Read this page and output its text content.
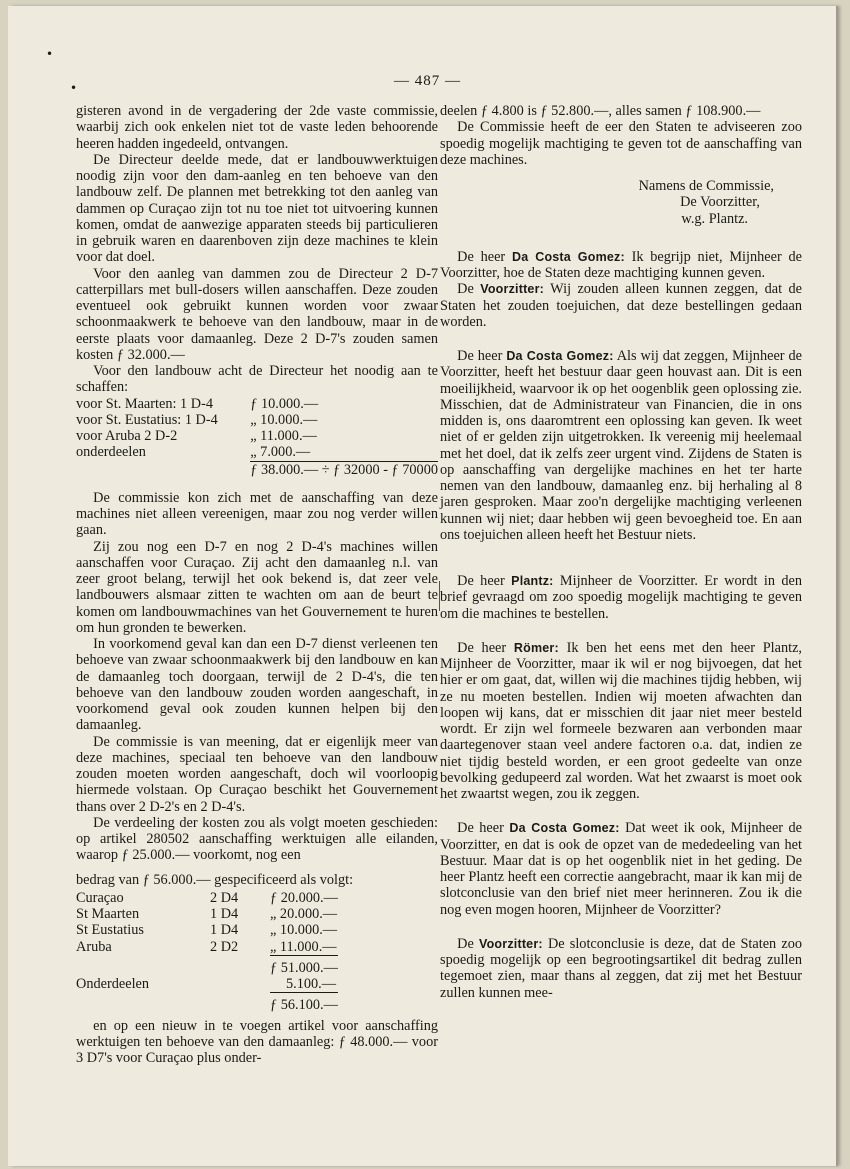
— 487 —
•
•

gisteren avond in de vergadering der 2de vaste commissie, waarbij zich ook enkelen niet tot de vaste leden behoorende heeren hadden ingedeeld, ontvangen.

De Directeur deelde mede, dat er landbouwwerktuigen noodig zijn voor den dam-aanleg en ten behoeve van den landbouw zelf. De plannen met betrekking tot den aanleg van dammen op Curaçao zijn tot nu toe niet tot uitvoering kunnen komen, omdat de aanwezige apparaten steeds bij particulieren in gebruik waren en daarenboven zijn deze machines te klein voor dat doel.

Voor den aanleg van dammen zou de Directeur 2 D-7 catterpillars met bull-dosers willen aanschaffen. Deze zouden eventueel ook gebruikt kunnen worden voor zwaar schoonmaakwerk te behoeve van den landbouw, maar in de eerste plaats voor damaanleg. Deze 2 D-7's zouden samen kosten ƒ 32.000.—

Voor den landbouw acht de Directeur het noodig aan te schaffen:

voor St. Maarten: 1 D-4	ƒ 10.000.—
voor St. Eustatius: 1 D-4	„ 10.000.—
voor Aruba 2 D-2	„ 11.000.—
onderdeelen	„ 7.000.—
	ƒ 38.000.— ÷ ƒ 32000 - ƒ 70000

De commissie kon zich met de aanschaffing van deze machines niet alleen vereenigen, maar zou nog verder willen gaan.

Zij zou nog een D-7 en nog 2 D-4's machines willen aanschaffen voor Curaçao. Zij acht den damaanleg n.l. van zeer groot belang, terwijl het ook bekend is, dat zeer vele landbouwers alsmaar zitten te wachten om aan de beurt te komen om landbouwmachines van het Gouvernement te huren om hun gronden te bewerken.

In voorkomend geval kan dan een D-7 dienst verleenen ten behoeve van zwaar schoonmaakwerk bij den landbouw en kan de damaanleg toch doorgaan, terwijl de 2 D-4's, die ten behoeve van den landbouw zouden worden aangeschaft, in voorkomend geval ook zouden kunnen helpen bij den damaanleg.

De commissie is van meening, dat er eigenlijk meer van deze machines, speciaal ten behoeve van den landbouw zouden moeten worden aangeschaft, doch wil voorloopig hiermede volstaan. Op Curaçao beschikt het Gouvernement thans over 2 D-2's en 2 D-4's.

De verdeeling der kosten zou als volgt moeten geschieden: op artikel 280502 aanschaffing werktuigen alle eilanden, waarop ƒ 25.000.— voorkomt, nog een

bedrag van ƒ 56.000.— gespecificeerd als volgt:

Curaçao	2 D4	ƒ 20.000.—
St Maarten	1 D4	„ 20.000.—
St Eustatius	1 D4	„ 10.000.—
Aruba	2 D2	„ 11.000.—
		ƒ 51.000.—
Onderdeelen		5.100.—
		ƒ 56.100.—

en op een nieuw in te voegen artikel voor aanschaffing werktuigen ten behoeve van den damaanleg: ƒ 48.000.— voor 3 D7's voor Curaçao plus onder-

deelen ƒ 4.800 is ƒ 52.800.—, alles samen ƒ 108.900.—

De Commissie heeft de eer den Staten te adviseeren zoo spoedig mogelijk machtiging te geven tot de aanschaffing van deze machines.

Namens de Commissie,
De Voorzitter,
w.g. Plantz.

De heer Da Costa Gomez: Ik begrijp niet, Mijnheer de Voorzitter, hoe de Staten deze machtiging kunnen geven.

De Voorzitter: Wij zouden alleen kunnen zeggen, dat de Staten het zouden toejuichen, dat deze bestellingen gedaan worden.

De heer Da Costa Gomez: Als wij dat zeggen, Mijnheer de Voorzitter, heeft het bestuur daar geen houvast aan. Dit is een moeilijkheid, waarvoor ik op het oogenblik geen oplossing zie. Misschien, dat de Administrateur van Financien, die in ons midden is, ons daaromtrent een oplossing kan geven. Ik weet niet of er gelden zijn uitgetrokken. Ik vereenig mij heelemaal met het doel, dat ik zelfs zeer urgent vind. Zijdens de Staten is op aanschaffing van dergelijke machines en het ter harte nemen van den landbouw, damaanleg enz. bij herhaling al 8 jaren gesproken. Maar zoo'n dergelijke machtiging verleenen kunnen wij niet; daar hebben wij geen bevoegheid toe. En aan ons toejuichen alleen heeft het Bestuur niets.

De heer Plantz: Mijnheer de Voorzitter. Er wordt in den brief gevraagd om zoo spoedig mogelijk machtiging te geven om die machines te bestellen.

De heer Römer: Ik ben het eens met den heer Plantz, Mijnheer de Voorzitter, maar ik wil er nog bijvoegen, dat het hier er om gaat, dat, willen wij die machines tijdig hebben, wij ze nu moeten bestellen. Indien wij moeten afwachten dan loopen wij kans, dat er misschien dit jaar niet meer besteld wordt. Er zijn wel formeele bezwaren aan verbonden maar daartegenover staan veel andere factoren o.a. dat, indien ze niet tijdig besteld worden, er een groot gedeelte van onze bevolking gedupeerd zal worden. Wat het zwaarst is moet ook het zwaartst wegen, zou ik zeggen.

De heer Da Costa Gomez: Dat weet ik ook, Mijnheer de Voorzitter, en dat is ook de opzet van de mededeeling van het Bestuur. Maar dat is op het oogenblik niet in het geding. De heer Plantz heeft een correctie aangebracht, maar ik kan mij de slotconclusie van den brief niet meer herinneren. Zou ik die nog even mogen hooren, Mijnheer de Voorzitter?

De Voorzitter: De slotconclusie is deze, dat de Staten zoo spoedig mogelijk op een begrootingsartikel dit bedrag zullen tegemoet zien, maar thans al zeggen, dat zij met het Bestuur zullen kunnen mee-
